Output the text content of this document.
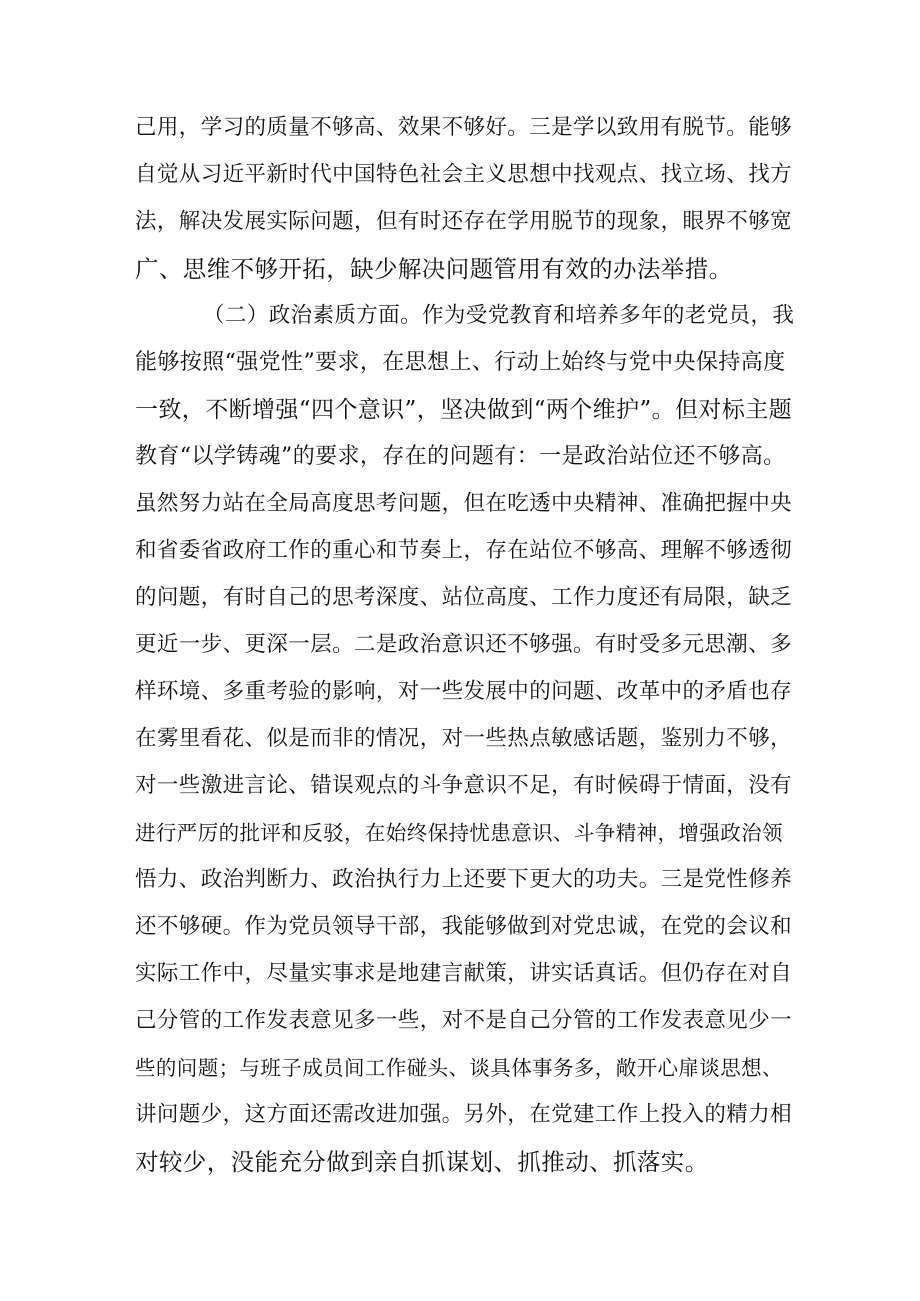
己用，学习的质量不够高、效果不够好。三是学以致用有脱节。能够

自觉从习近平新时代中国特色社会主义思想中找观点、找立场、找方

法，解决发展实际问题，但有时还存在学用脱节的现象，眼界不够宽

广、思维不够开拓，缺少解决问题管用有效的办法举措。

（二）政治素质方面。作为受党教育和培养多年的老党员，我

能够按照“强党性”要求，在思想上、行动上始终与党中央保持高度

一致，不断增强“四个意识”，坚决做到“两个维护”。但对标主题

教育“以学铸魂”的要求，存在的问题有：一是政治站位还不够高。

虽然努力站在全局高度思考问题，但在吃透中央精神、准确把握中央

和省委省政府工作的重心和节奏上，存在站位不够高、理解不够透彻

的问题，有时自己的思考深度、站位高度、工作力度还有局限，缺乏

更近一步、更深一层。二是政治意识还不够强。有时受多元思潮、多

样环境、多重考验的影响，对一些发展中的问题、改革中的矛盾也存

在雾里看花、似是而非的情况，对一些热点敏感话题，鉴别力不够，

对一些激进言论、错误观点的斗争意识不足，有时候碍于情面，没有

进行严厉的批评和反驳，在始终保持忧患意识、斗争精神，增强政治领

悟力、政治判断力、政治执行力上还要下更大的功夫。三是党性修养

还不够硬。作为党员领导干部，我能够做到对党忠诚，在党的会议和

实际工作中，尽量实事求是地建言献策，讲实话真话。但仍存在对自

己分管的工作发表意见多一些，对不是自己分管的工作发表意见少一

些的问题；与班子成员间工作碰头、谈具体事务多，敞开心扉谈思想、

讲问题少，这方面还需改进加强。另外，在党建工作上投入的精力相

对较少，没能充分做到亲自抓谋划、抓推动、抓落实。
